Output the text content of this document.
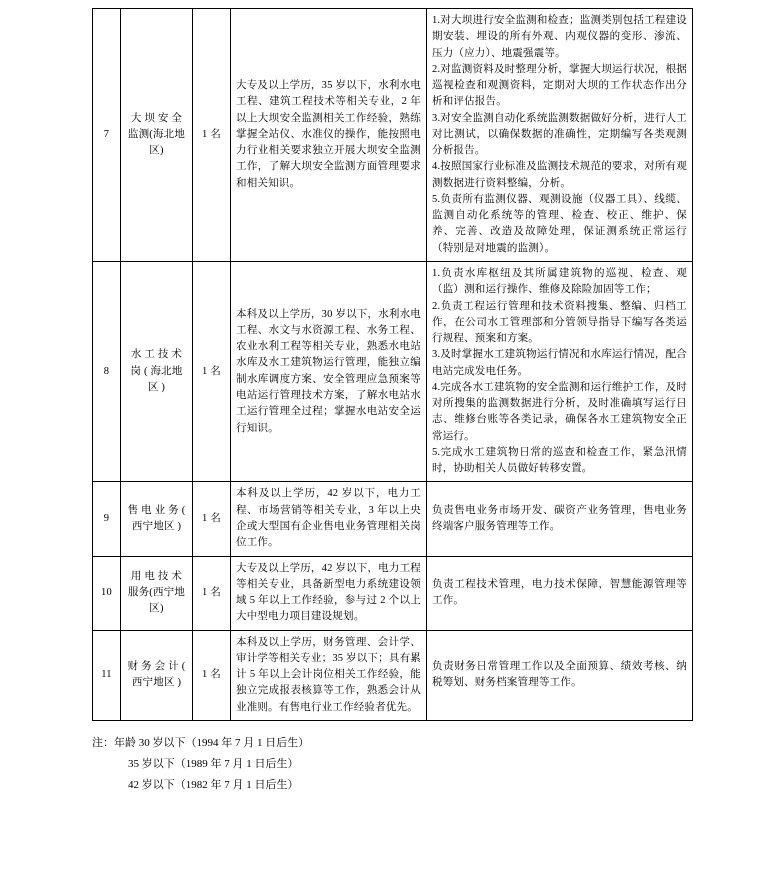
7	大 坝 安 全监测(海北地区)	1 名	大专及以上学历，35 岁以下，水利水电工程、建筑工程技术等相关专业，2 年以上大坝安全监测相关工作经验，熟练掌握全站仪、水准仪的操作，能按照电力行业相关要求独立开展大坝安全监测工作，了解大坝安全监测方面管理要求和相关知识。	1.对大坝进行安全监测和检查；监测类别包括工程建设期安装、埋设的所有外观、内观仪器的变形、渗流、压力（应力）、地震强震等。
2.对监测资料及时整理分析，掌握大坝运行状况，根据巡视检查和观测资料，定期对大坝的工作状态作出分析和评估报告。
3.对安全监测自动化系统监测数据做好分析，进行人工对比测试，以确保数据的准确性，定期编写各类观测分析报告。
4.按照国家行业标准及监测技术规范的要求，对所有观测数据进行资料整编，分析。
5.负责所有监测仪器、观测设施（仪器工具）、线缆、监测自动化系统等的管理、检查、校正、维护、保养、完善、改造及故障处理，保证测系统正常运行（特别是对地震的监测）。
8	水 工 技 术岗 ( 海北地区 )	1 名	本科及以上学历，30 岁以下，水利水电工程、水文与水资源工程、水务工程、农业水利工程等相关专业，熟悉水电站水库及水工建筑物运行管理，能独立编制水库调度方案、安全管理应急预案等电站运行管理技术方案，了解水电站水工运行管理全过程；掌握水电站安全运行知识。	1.负责水库枢纽及其所属建筑物的巡视、检查、观（监）测和运行操作、维修及除险加固等工作；
2.负责工程运行管理和技术资料搜集、整编、归档工作，在公司水工管理部和分管领导指导下编写各类运行规程、预案和方案。
3.及时掌握水工建筑物运行情况和水库运行情况，配合电站完成发电任务。
4.完成各水工建筑物的安全监测和运行维护工作，及时对所搜集的监测数据进行分析，及时准确填写运行日志、维修台账等各类记录，确保各水工建筑物安全正常运行。
5.完成水工建筑物日常的巡查和检查工作，紧急汛情时，协助相关人员做好转移安置。
9	售 电 业 务 ( 西宁地区 )	1 名	本科及以上学历，42 岁以下，电力工程、市场营销等相关专业，3 年以上央企或大型国有企业售电业务管理相关岗位工作。	负责售电业务市场开发、碳资产业务管理，售电业务终端客户服务管理等工作。
10	用 电 技 术服务(西宁地区)	1 名	大专及以上学历，42 岁以下，电力工程等相关专业，具备新型电力系统建设领域 5 年以上工作经验，参与过 2 个以上大中型电力项目建设规划。	负责工程技术管理，电力技术保障，智慧能源管理等工作。
11	财 务 会 计 ( 西宁地区 )	1 名	本科及以上学历，财务管理、会计学、审计学等相关专业；35 岁以下；具有累计 5 年以上会计岗位相关工作经验，能独立完成报表核算等工作，熟悉会计从业准则。有售电行业工作经验者优先。	负责财务日常管理工作以及全面预算、绩效考核、纳税筹划、财务档案管理等工作。
注：年龄 30 岁以下（1994 年 7 月 1 日后生）
35 岁以下（1989 年 7 月 1 日后生）
42 岁以下（1982 年 7 月 1 日后生）
